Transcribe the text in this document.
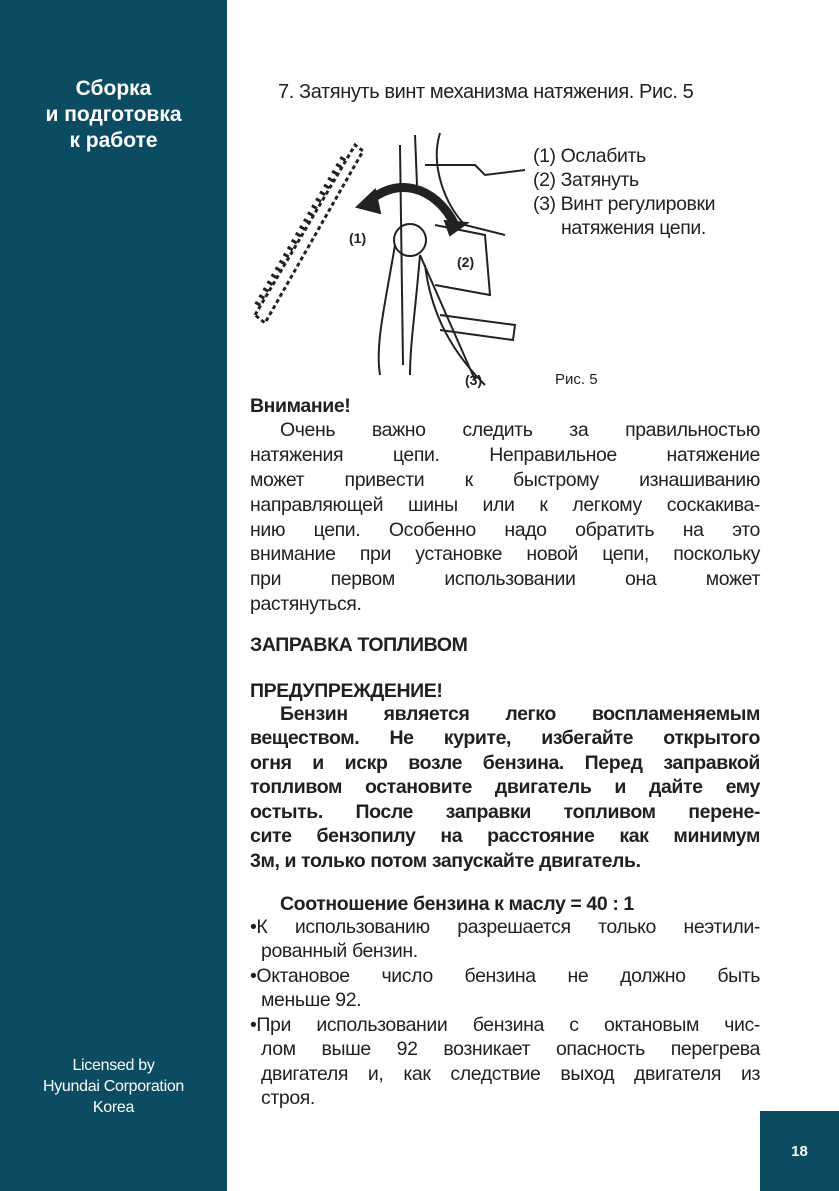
Сборка
и подготовка
к работе
Licensed by
Hyundai Corporation
Korea
18
7. Затянуть винт механизма натяжения. Рис. 5
(1)
(2)
(3)
(1) Ослабить
(2) Затянуть
(3) Винт регулировки
натяжения цепи.
Рис. 5
Внимание!
Очень важно следить за правильностью
натяжения цепи. Неправильное натяжение
может привести к быстрому изнашиванию
направляющей шины или к легкому соскакива-
нию цепи. Особенно надо обратить на это
внимание при установке новой цепи, поскольку
при первом использовании она может
растянуться.
ЗАПРАВКА ТОПЛИВОМ
ПРЕДУПРЕЖДЕНИЕ!
Бензин является легко воспламеняемым
веществом. Не курите, избегайте открытого
огня и искр возле бензина. Перед заправкой
топливом остановите двигатель и дайте ему
остыть. После заправки топливом перене-
сите бензопилу на расстояние как минимум
3м, и только потом запускайте двигатель.
Соотношение бензина к маслу = 40 : 1
•К использованию разрешается только неэтили-
рованный бензин.
•Октановое число бензина не должно быть
меньше 92.
•При использовании бензина с октановым чис-
лом выше 92 возникает опасность перегрева
двигателя и, как следствие выход двигателя из
строя.
